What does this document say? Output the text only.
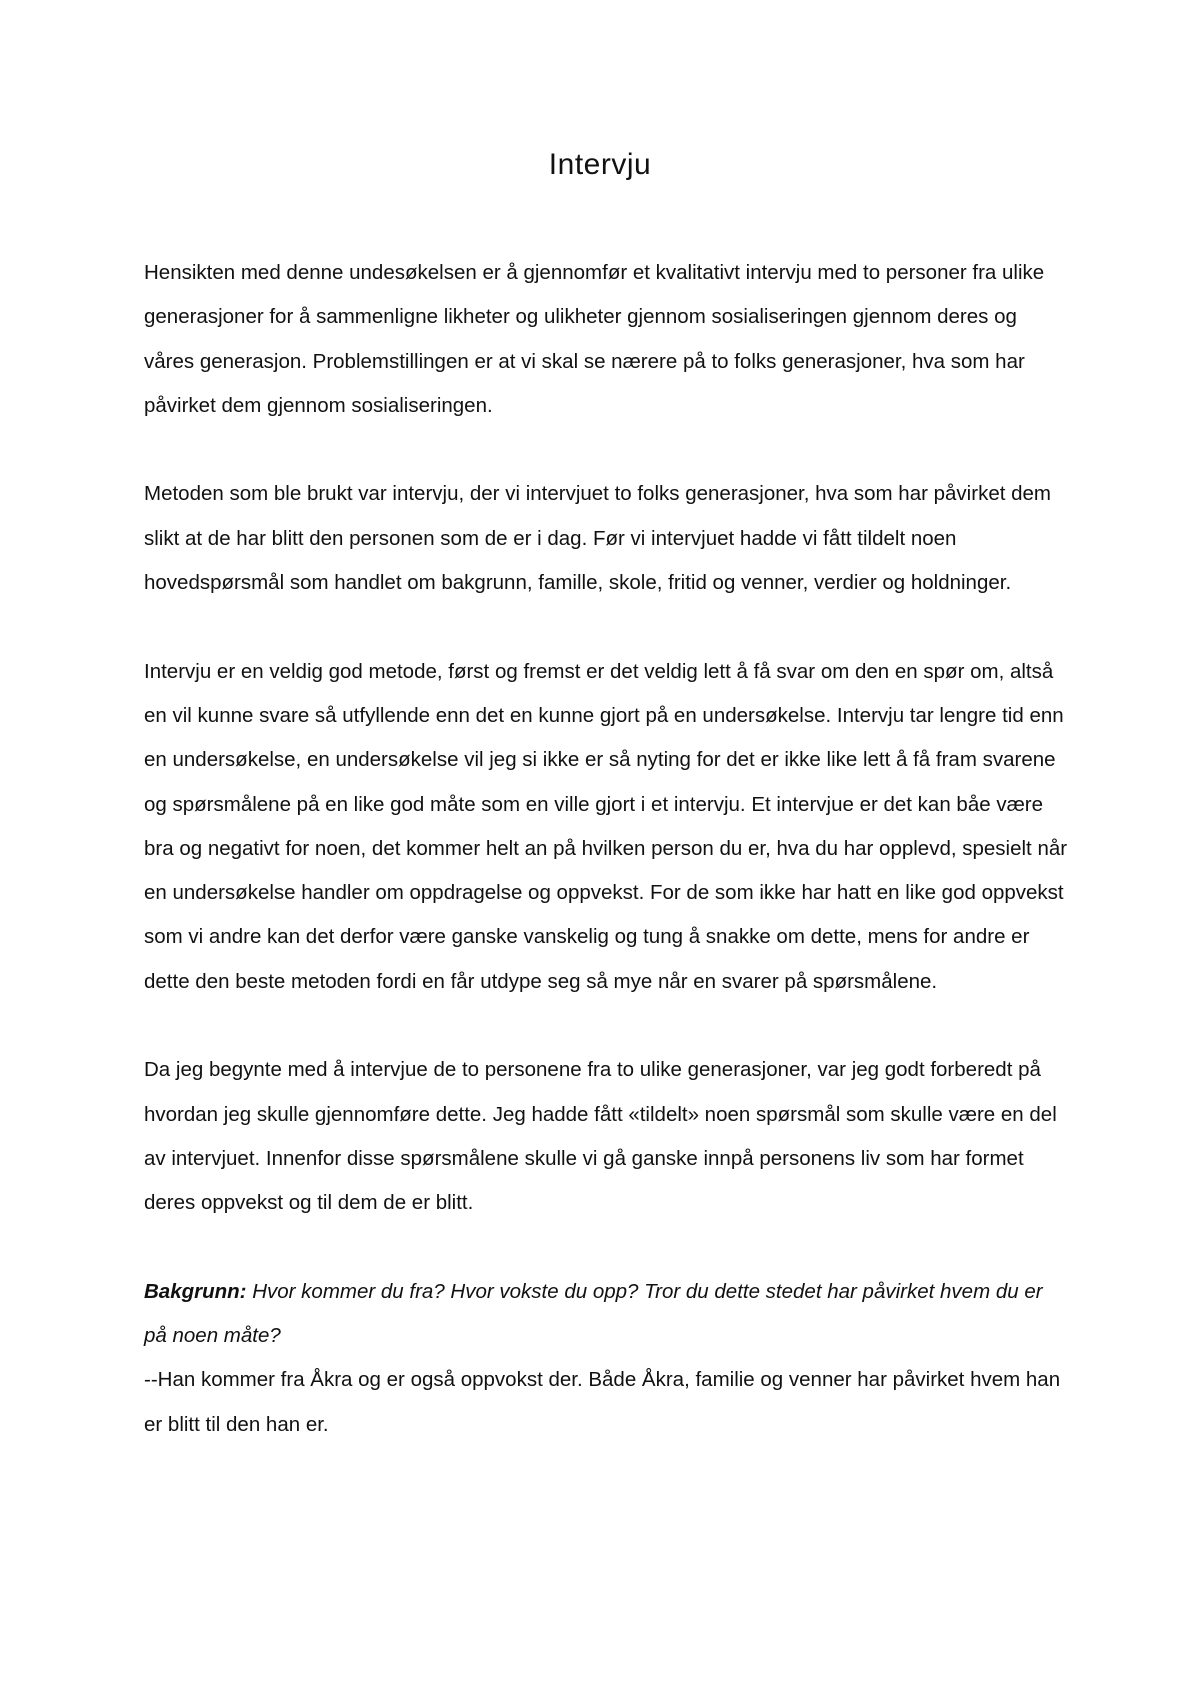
Intervju

Hensikten med denne undesøkelsen er å gjennomfør et kvalitativt intervju med to personer fra ulike generasjoner for å sammenligne likheter og ulikheter gjennom sosialiseringen gjennom deres og våres generasjon. Problemstillingen er at vi skal se nærere på to folks generasjoner, hva som har påvirket dem gjennom sosialiseringen.

Metoden som ble brukt var intervju, der vi intervjuet to folks generasjoner, hva som har påvirket dem slikt at de har blitt den personen som de er i dag. Før vi intervjuet hadde vi fått tildelt noen hovedspørsmål som handlet om bakgrunn, famille, skole, fritid og venner, verdier og holdninger.

Intervju er en veldig god metode, først og fremst er det veldig lett å få svar om den en spør om, altså en vil kunne svare så utfyllende enn det en kunne gjort på en undersøkelse. Intervju tar lengre tid enn en undersøkelse, en undersøkelse vil jeg si ikke er så nyting for det er ikke like lett å få fram svarene og spørsmålene på en like god måte som en ville gjort i et intervju. Et intervjue er det kan båe være bra og negativt for noen, det kommer helt an på hvilken person du er, hva du har opplevd, spesielt når en undersøkelse handler om oppdragelse og oppvekst. For de som ikke har hatt en like god oppvekst som vi andre kan det derfor være ganske vanskelig og tung å snakke om dette, mens for andre er dette den beste metoden fordi en får utdype seg så mye når en svarer på spørsmålene.

Da jeg begynte med å intervjue de to personene fra to ulike generasjoner, var jeg godt forberedt på hvordan jeg skulle gjennomføre dette. Jeg hadde fått «tildelt» noen spørsmål som skulle være en del av intervjuet. Innenfor disse spørsmålene skulle vi gå ganske innpå personens liv som har formet deres oppvekst og til dem de er blitt.

Bakgrunn: Hvor kommer du fra? Hvor vokste du opp? Tror du dette stedet har påvirket hvem du er på noen måte?

--Han kommer fra Åkra og er også oppvokst der. Både Åkra, familie og venner har påvirket hvem han er blitt til den han er.
